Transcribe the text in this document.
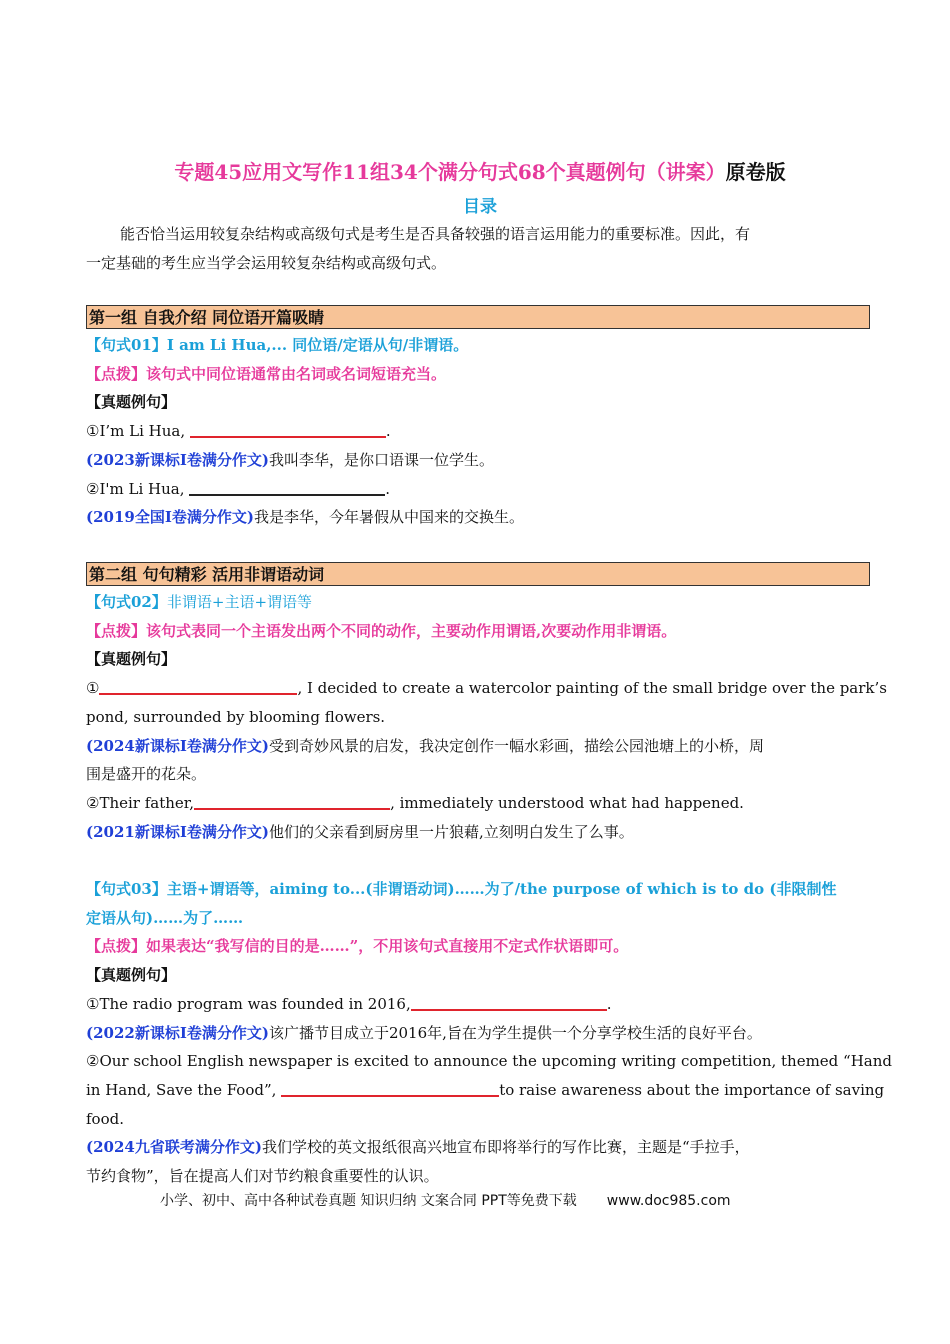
专题45应用文写作11组34个满分句式68个真题例句（讲案）原卷版
目录

能否恰当运用较复杂结构或高级句式是考生是否具备较强的语言运用能力的重要标准。因此，有

一定基础的考生应当学会运用较复杂结构或高级句式。

第一组 自我介绍 同位语开篇吸睛

【句式01】I am Li Hua,... 同位语/定语从句/非谓语。

【点拨】该句式中同位语通常由名词或名词短语充当。

【真题例句】

①I’m Li Hua,	.

(2023新课标I卷满分作文)我叫李华，是你口语课一位学生。

②I'm Li Hua,	.

(2019全国I卷满分作文)我是李华，今年暑假从中国来的交换生。

第二组 句句精彩 活用非谓语动词

【句式02】非谓语+主语+谓语等

【点拨】该句式表同一个主语发出两个不同的动作，主要动作用谓语,次要动作用非谓语。

【真题例句】

①	, I decided to create a watercolor painting of the small bridge over the park’s

pond, surrounded by blooming flowers.

(2024新课标I卷满分作文)受到奇妙风景的启发，我决定创作一幅水彩画，描绘公园池塘上的小桥，周

围是盛开的花朵。

②Their father,	, immediately understood what had happened.

(2021新课标I卷满分作文)他们的父亲看到厨房里一片狼藉,立刻明白发生了么事。

【句式03】主语+谓语等，aiming to...(非谓语动词)……为了/the purpose of which is to do (非限制性

定语从句)……为了……

【点拨】如果表达“我写信的目的是……”，不用该句式直接用不定式作状语即可。

【真题例句】

①The radio program was founded in 2016,	.

(2022新课标I卷满分作文)该广播节目成立于2016年,旨在为学生提供一个分享学校生活的良好平台。

②Our school English newspaper is excited to announce the upcoming writing competition, themed “Hand

in Hand, Save the Food”,	to raise awareness about the importance of saving

food.

(2024九省联考满分作文)我们学校的英文报纸很高兴地宣布即将举行的写作比赛，主题是“手拉手，

节约食物”，旨在提高人们对节约粮食重要性的认识。

小学、初中、高中各种试卷真题 知识归纳 文案合同 PPT等免费下载 www.doc985.com
